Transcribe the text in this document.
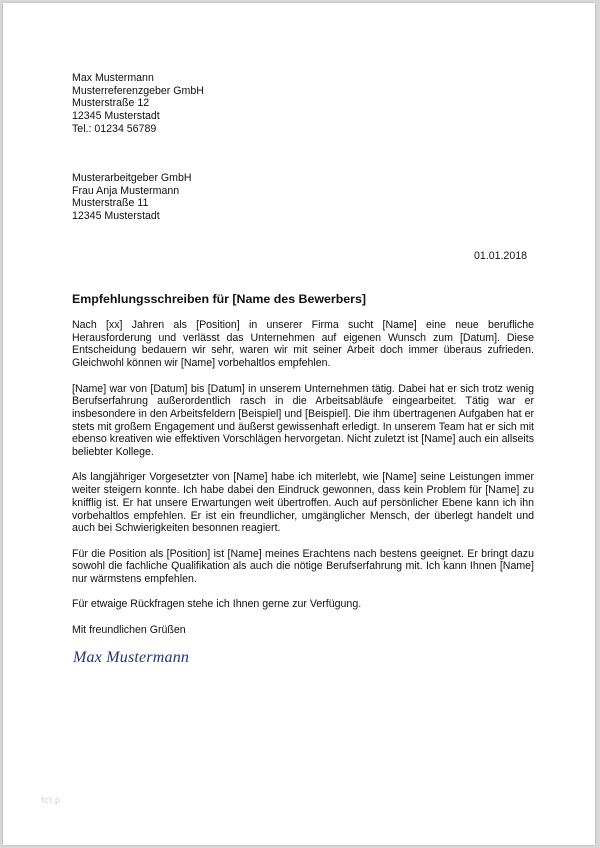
Max Mustermann
Musterreferenzgeber GmbH
Musterstraße 12
12345 Musterstadt
Tel.: 01234 56789
Musterarbeitgeber GmbH
Frau Anja Mustermann
Musterstraße 11
12345 Musterstadt
01.01.2018
Empfehlungsschreiben für [Name des Bewerbers]

Nach [xx] Jahren als [Position] in unserer Firma sucht [Name] eine neue berufliche Herausforderung und verlässt das Unternehmen auf eigenen Wunsch zum [Datum]. Diese Entscheidung bedauern wir sehr, waren wir mit seiner Arbeit doch immer überaus zufrieden. Gleichwohl können wir [Name] vorbehaltlos empfehlen.

[Name] war von [Datum] bis [Datum] in unserem Unternehmen tätig. Dabei hat er sich trotz wenig Berufserfahrung außerordentlich rasch in die Arbeitsabläufe eingearbeitet. Tätig war er insbesondere in den Arbeitsfeldern [Beispiel] und [Beispiel]. Die ihm übertragenen Aufgaben hat er stets mit großem Engagement und äußerst gewissenhaft erledigt. In unserem Team hat er sich mit ebenso kreativen wie effektiven Vorschlägen hervorgetan. Nicht zuletzt ist [Name] auch ein allseits beliebter Kollege.

Als langjähriger Vorgesetzter von [Name] habe ich miterlebt, wie [Name] seine Leistungen immer weiter steigern konnte. Ich habe dabei den Eindruck gewonnen, dass kein Problem für [Name] zu knifflig ist. Er hat unsere Erwartungen weit übertroffen. Auch auf persönlicher Ebene kann ich ihn vorbehaltlos empfehlen. Er ist ein freundlicher, umgänglicher Mensch, der überlegt handelt und auch bei Schwierigkeiten besonnen reagiert.

Für die Position als [Position] ist [Name] meines Erachtens nach bestens geeignet. Er bringt dazu sowohl die fachliche Qualifikation als auch die nötige Berufserfahrung mit. Ich kann Ihnen [Name] nur wärmstens empfehlen.

Für etwaige Rückfragen stehe ich Ihnen gerne zur Verfügung.

Mit freundlichen Grüßen

Max Mustermann
fct.p
